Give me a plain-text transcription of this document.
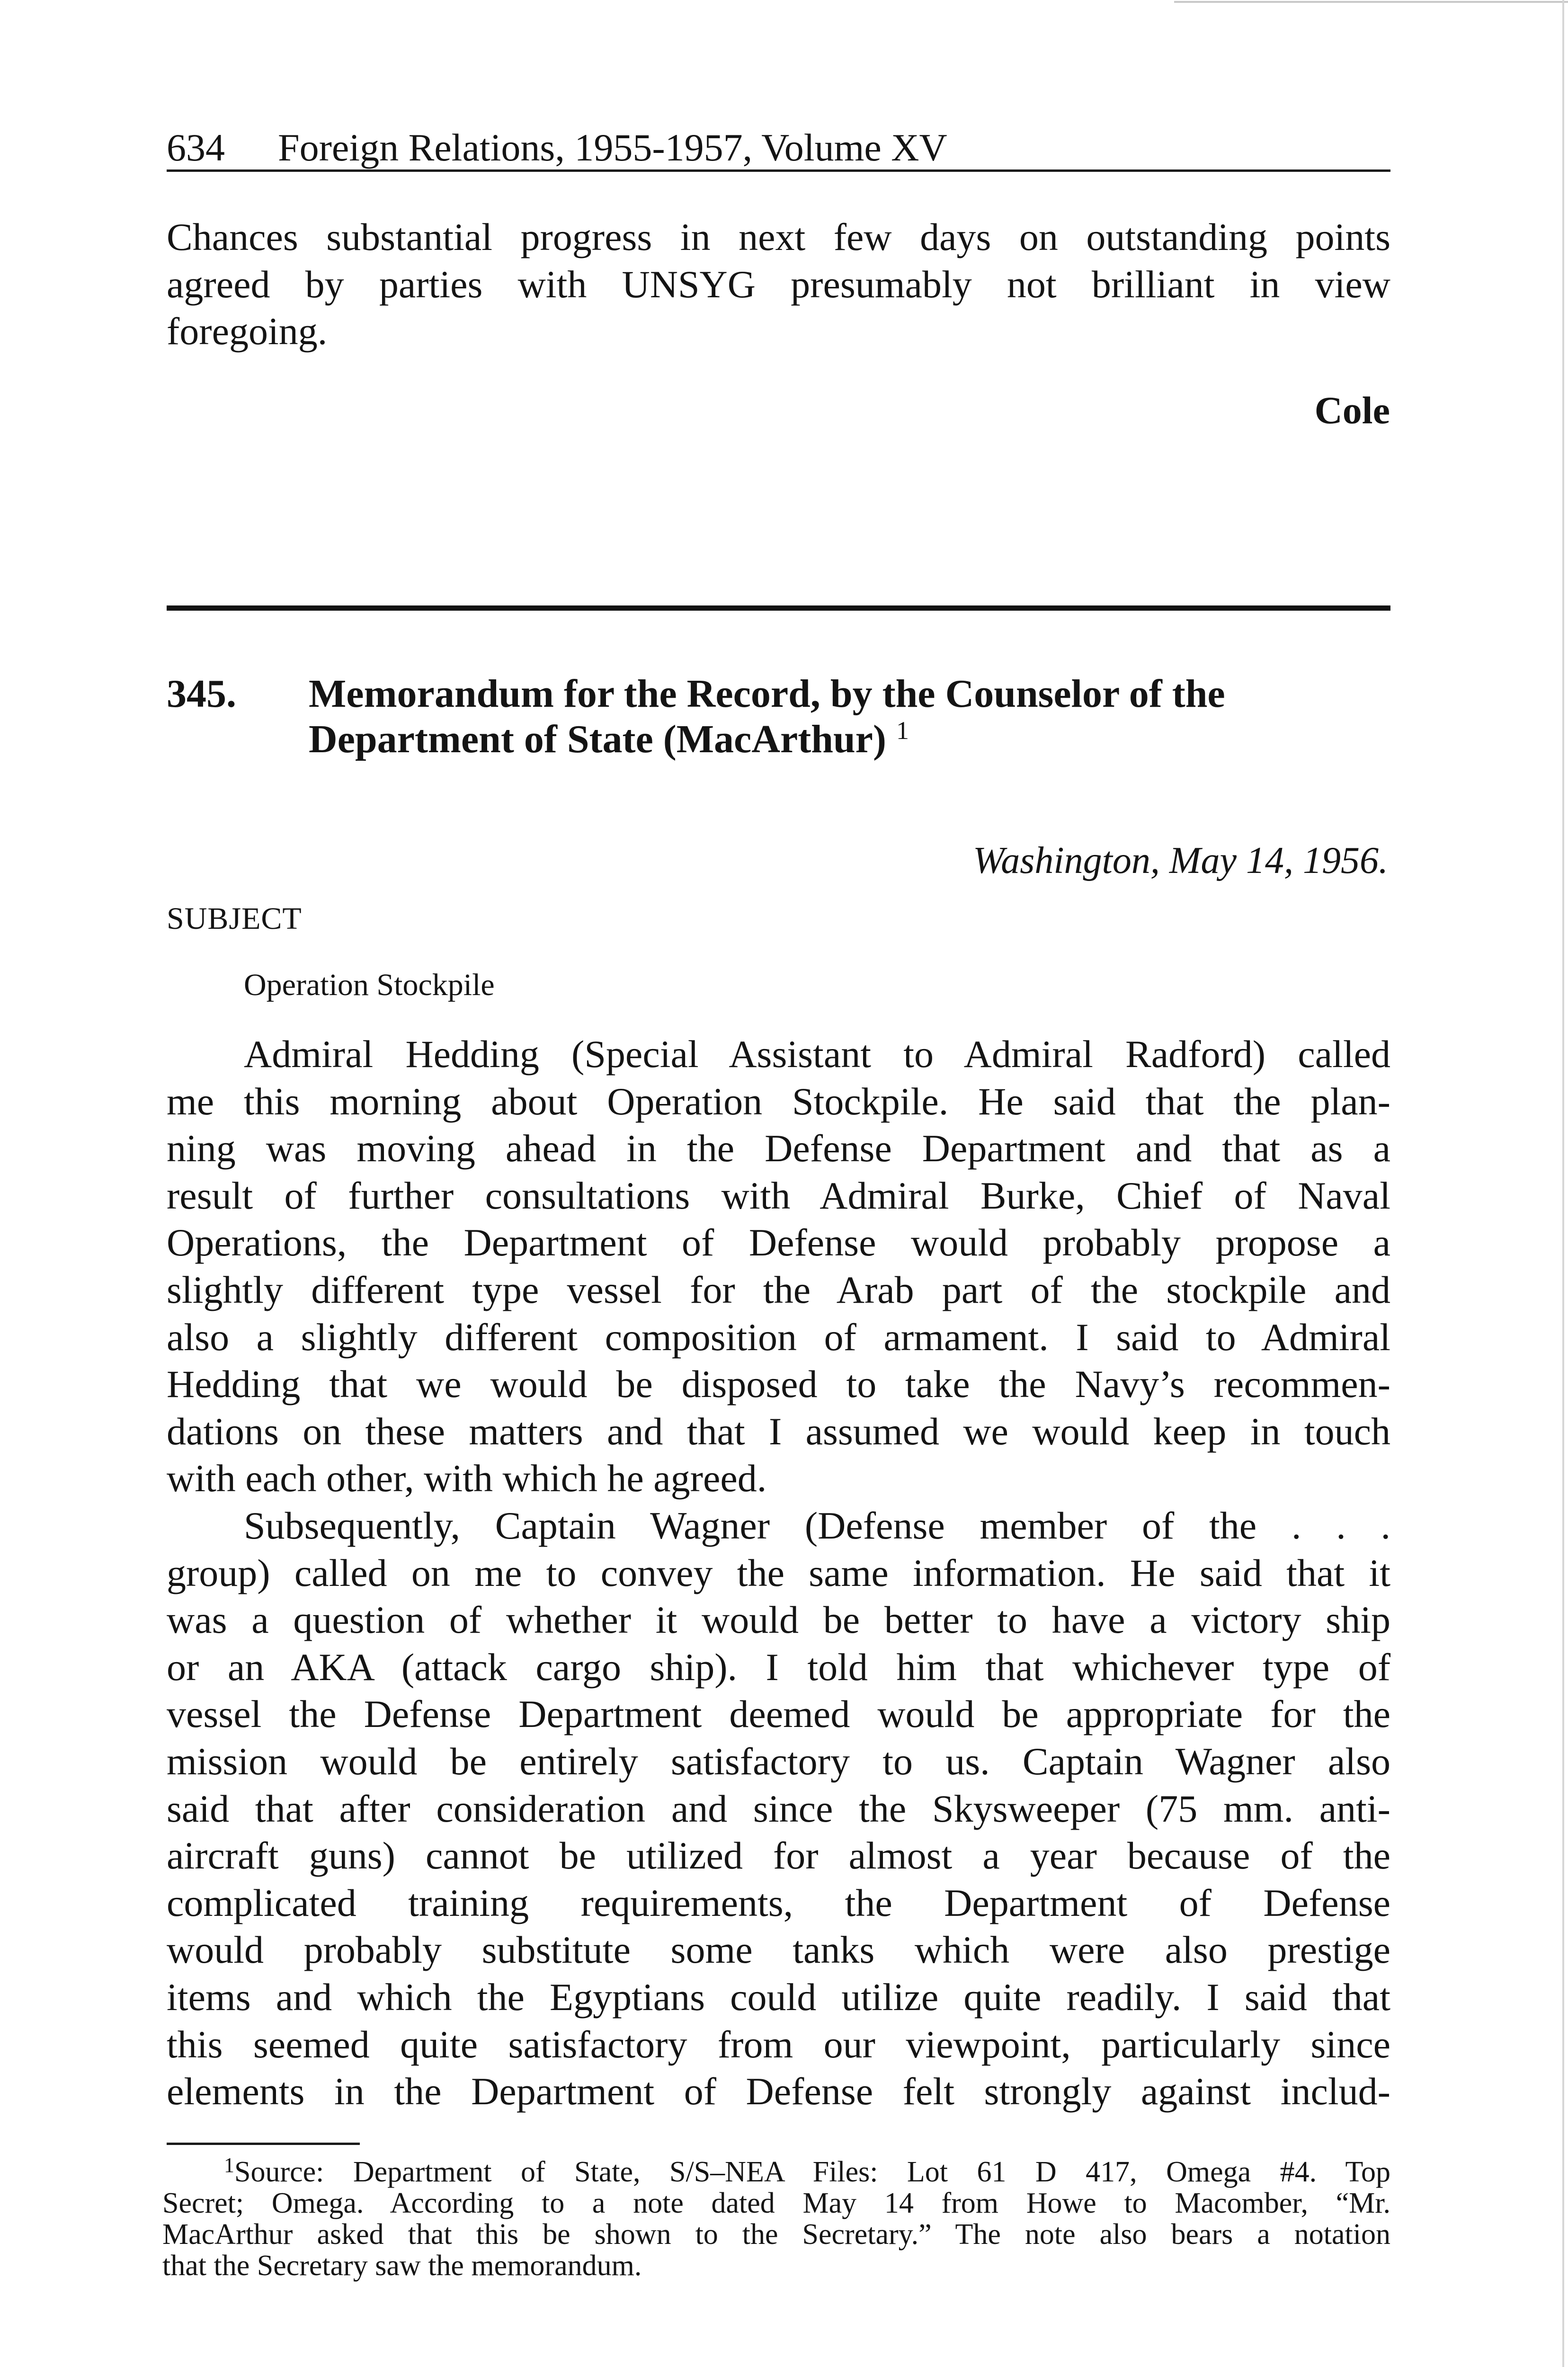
634 Foreign Relations, 1955-1957, Volume XV
Chances substantial progress in next few days on outstanding points
agreed by parties with UNSYG presumably not brilliant in view
foregoing.
Cole
345. Memorandum for the Record, by the Counselor of the
Department of State (MacArthur) $^1$
Washington, May 14, 1956.
SUBJECT
Operation Stockpile
Admiral Hedding (Special Assistant to Admiral Radford) called
me this morning about Operation Stockpile. He said that the plan-
ning was moving ahead in the Defense Department and that as a
result of further consultations with Admiral Burke, Chief of Naval
Operations, the Department of Defense would probably propose a
slightly different type vessel for the Arab part of the stockpile and
also a slightly different composition of armament. I said to Admiral
Hedding that we would be disposed to take the Navy’s recommen-
dations on these matters and that I assumed we would keep in touch
with each other, with which he agreed.
Subsequently, Captain Wagner (Defense member of the . . .
group) called on me to convey the same information. He said that it
was a question of whether it would be better to have a victory ship
or an AKA (attack cargo ship). I told him that whichever type of
vessel the Defense Department deemed would be appropriate for the
mission would be entirely satisfactory to us. Captain Wagner also
said that after consideration and since the Skysweeper (75 mm. anti-
aircraft guns) cannot be utilized for almost a year because of the
complicated training requirements, the Department of Defense
would probably substitute some tanks which were also prestige
items and which the Egyptians could utilize quite readily. I said that
this seemed quite satisfactory from our viewpoint, particularly since
elements in the Department of Defense felt strongly against includ-
$^1$Source: Department of State, S/S–NEA Files: Lot 61 D 417, Omega #4. Top
Secret; Omega. According to a note dated May 14 from Howe to Macomber, “Mr.
MacArthur asked that this be shown to the Secretary.” The note also bears a notation
that the Secretary saw the memorandum.
